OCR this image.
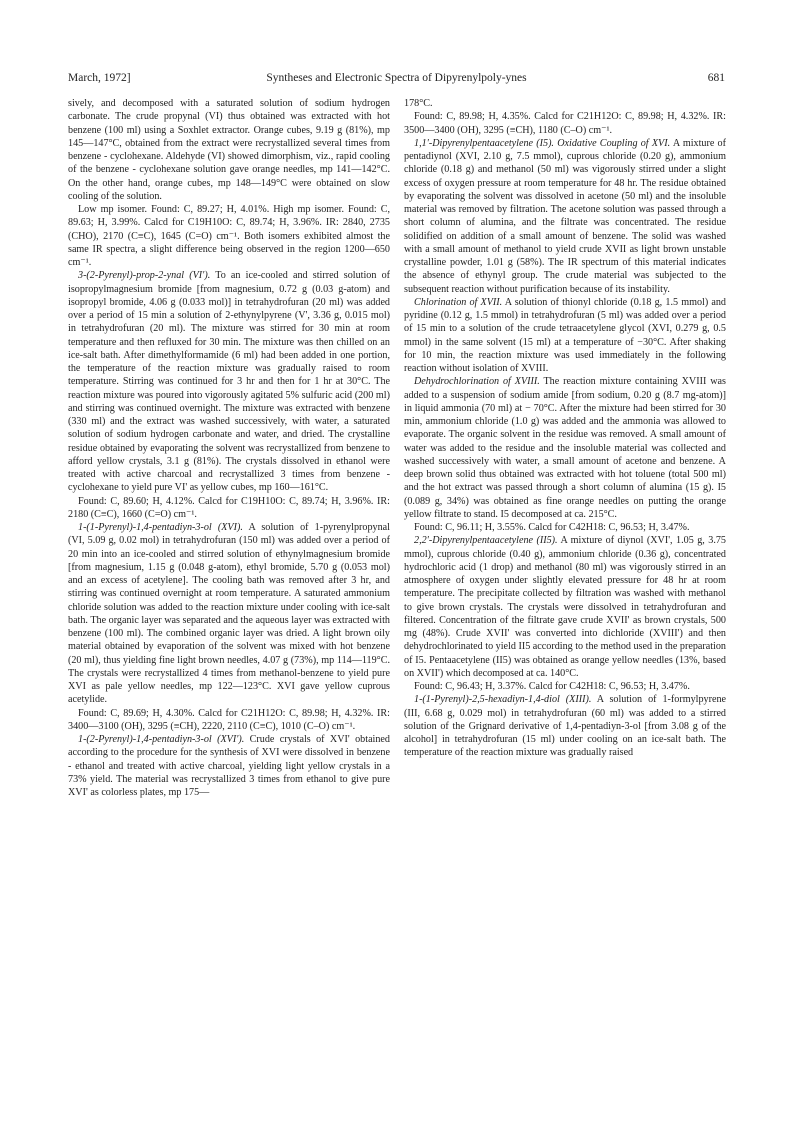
March, 1972]	Syntheses and Electronic Spectra of Dipyrenylpoly-ynes	681

sively, and decomposed with a saturated solution of sodium hydrogen carbonate. The crude propynal (VI) thus obtained was extracted with hot benzene (100 ml) using a Soxhlet extractor. Orange cubes, 9.19 g (81%), mp 145—147°C, obtained from the extract were recrystallized several times from benzene - cyclohexane. Aldehyde (VI) showed dimorphism, viz., rapid cooling of the benzene - cyclohexane solution gave orange needles, mp 141—142°C. On the other hand, orange cubes, mp 148—149°C were obtained on slow cooling of the solution.

Low mp isomer. Found: C, 89.27; H, 4.01%. High mp isomer. Found: C, 89.63; H, 3.99%. Calcd for C19H10O: C, 89.74; H, 3.96%. IR: 2840, 2735 (CHO), 2170 (C≡C), 1645 (C=O) cm⁻¹. Both isomers exhibited almost the same IR spectra, a slight difference being observed in the region 1200—650 cm⁻¹.

3-(2-Pyrenyl)-prop-2-ynal (VI'). To an ice-cooled and stirred solution of isopropylmagnesium bromide [from magnesium, 0.72 g (0.03 g-atom) and isopropyl bromide, 4.06 g (0.033 mol)] in tetrahydrofuran (20 ml) was added over a period of 15 min a solution of 2-ethynylpyrene (V', 3.36 g, 0.015 mol) in tetrahydrofuran (20 ml). The mixture was stirred for 30 min at room temperature and then refluxed for 30 min. The mixture was then chilled on an ice-salt bath. After dimethylformamide (6 ml) had been added in one portion, the temperature of the reaction mixture was gradually raised to room temperature. Stirring was continued for 3 hr and then for 1 hr at 30°C. The reaction mixture was poured into vigorously agitated 5% sulfuric acid (200 ml) and stirring was continued overnight. The mixture was extracted with benzene (330 ml) and the extract was washed successively, with water, a saturated solution of sodium hydrogen carbonate and water, and dried. The crystalline residue obtained by evaporating the solvent was recrystallized from benzene to afford yellow crystals, 3.1 g (81%). The crystals dissolved in ethanol were treated with active charcoal and recrystallized 3 times from benzene - cyclohexane to yield pure VI' as yellow cubes, mp 160—161°C.

Found: C, 89.60; H, 4.12%. Calcd for C19H10O: C, 89.74; H, 3.96%. IR: 2180 (C≡C), 1660 (C=O) cm⁻¹.

1-(1-Pyrenyl)-1,4-pentadiyn-3-ol (XVI). A solution of 1-pyrenylpropynal (VI, 5.09 g, 0.02 mol) in tetrahydrofuran (150 ml) was added over a period of 20 min into an ice-cooled and stirred solution of ethynylmagnesium bromide [from magnesium, 1.15 g (0.048 g-atom), ethyl bromide, 5.70 g (0.053 mol) and an excess of acetylene]. The cooling bath was removed after 3 hr, and stirring was continued overnight at room temperature. A saturated ammonium chloride solution was added to the reaction mixture under cooling with ice-salt bath. The organic layer was separated and the aqueous layer was extracted with benzene (100 ml). The combined organic layer was dried. A light brown oily material obtained by evaporation of the solvent was mixed with hot benzene (20 ml), thus yielding fine light brown needles, 4.07 g (73%), mp 114—119°C. The crystals were recrystallized 4 times from methanol-benzene to yield pure XVI as pale yellow needles, mp 122—123°C. XVI gave yellow cuprous acetylide.

Found: C, 89.69; H, 4.30%. Calcd for C21H12O: C, 89.98; H, 4.32%. IR: 3400—3100 (OH), 3295 (≡CH), 2220, 2110 (C≡C), 1010 (C–O) cm⁻¹.

1-(2-Pyrenyl)-1,4-pentadiyn-3-ol (XVI'). Crude crystals of XVI' obtained according to the procedure for the synthesis of XVI were dissolved in benzene - ethanol and treated with active charcoal, yielding light yellow crystals in a 73% yield. The material was recrystallized 3 times from ethanol to give pure XVI' as colorless plates, mp 175—

178°C.

Found: C, 89.98; H, 4.35%. Calcd for C21H12O: C, 89.98; H, 4.32%. IR: 3500—3400 (OH), 3295 (≡CH), 1180 (C–O) cm⁻¹.

1,1'-Dipyrenylpentaacetylene (I5). Oxidative Coupling of XVI. A mixture of pentadiynol (XVI, 2.10 g, 7.5 mmol), cuprous chloride (0.20 g), ammonium chloride (0.18 g) and methanol (50 ml) was vigorously stirred under a slight excess of oxygen pressure at room temperature for 48 hr. The residue obtained by evaporating the solvent was dissolved in acetone (50 ml) and the insoluble material was removed by filtration. The acetone solution was passed through a short column of alumina, and the filtrate was concentrated. The residue solidified on addition of a small amount of benzene. The solid was washed with a small amount of methanol to yield crude XVII as light brown unstable crystalline powder, 1.01 g (58%). The IR spectrum of this material indicates the absence of ethynyl group. The crude material was subjected to the subsequent reaction without purification because of its instability.

Chlorination of XVII. A solution of thionyl chloride (0.18 g, 1.5 mmol) and pyridine (0.12 g, 1.5 mmol) in tetrahydrofuran (5 ml) was added over a period of 15 min to a solution of the crude tetraacetylene glycol (XVI, 0.279 g, 0.5 mmol) in the same solvent (15 ml) at a temperature of −30°C. After shaking for 10 min, the reaction mixture was used immediately in the following reaction without isolation of XVIII.

Dehydrochlorination of XVIII. The reaction mixture containing XVIII was added to a suspension of sodium amide [from sodium, 0.20 g (8.7 mg-atom)] in liquid ammonia (70 ml) at − 70°C. After the mixture had been stirred for 30 min, ammonium chloride (1.0 g) was added and the ammonia was allowed to evaporate. The organic solvent in the residue was removed. A small amount of water was added to the residue and the insoluble material was collected and washed successively with water, a small amount of acetone and benzene. A deep brown solid thus obtained was extracted with hot toluene (total 500 ml) and the hot extract was passed through a short column of alumina (15 g). I5 (0.089 g, 34%) was obtained as fine orange needles on putting the orange yellow filtrate to stand. I5 decomposed at ca. 215°C.

Found: C, 96.11; H, 3.55%. Calcd for C42H18: C, 96.53; H, 3.47%.

2,2'-Dipyrenylpentaacetylene (II5). A mixture of diynol (XVI', 1.05 g, 3.75 mmol), cuprous chloride (0.40 g), ammonium chloride (0.36 g), concentrated hydrochloric acid (1 drop) and methanol (80 ml) was vigorously stirred in an atmosphere of oxygen under slightly elevated pressure for 48 hr at room temperature. The precipitate collected by filtration was washed with methanol to give brown crystals. The crystals were dissolved in tetrahydrofuran and filtered. Concentration of the filtrate gave crude XVII' as brown crystals, 500 mg (48%). Crude XVII' was converted into dichloride (XVIII') and then dehydrochlorinated to yield II5 according to the method used in the preparation of I5. Pentaacetylene (II5) was obtained as orange yellow needles (13%, based on XVII') which decomposed at ca. 140°C.

Found: C, 96.43; H, 3.37%. Calcd for C42H18: C, 96.53; H, 3.47%.

1-(1-Pyrenyl)-2,5-hexadiyn-1,4-diol (XIII). A solution of 1-formylpyrene (III, 6.68 g, 0.029 mol) in tetrahydrofuran (60 ml) was added to a stirred solution of the Grignard derivative of 1,4-pentadiyn-3-ol [from 3.08 g of the alcohol] in tetrahydrofuran (15 ml) under cooling on an ice-salt bath. The temperature of the reaction mixture was gradually raised
